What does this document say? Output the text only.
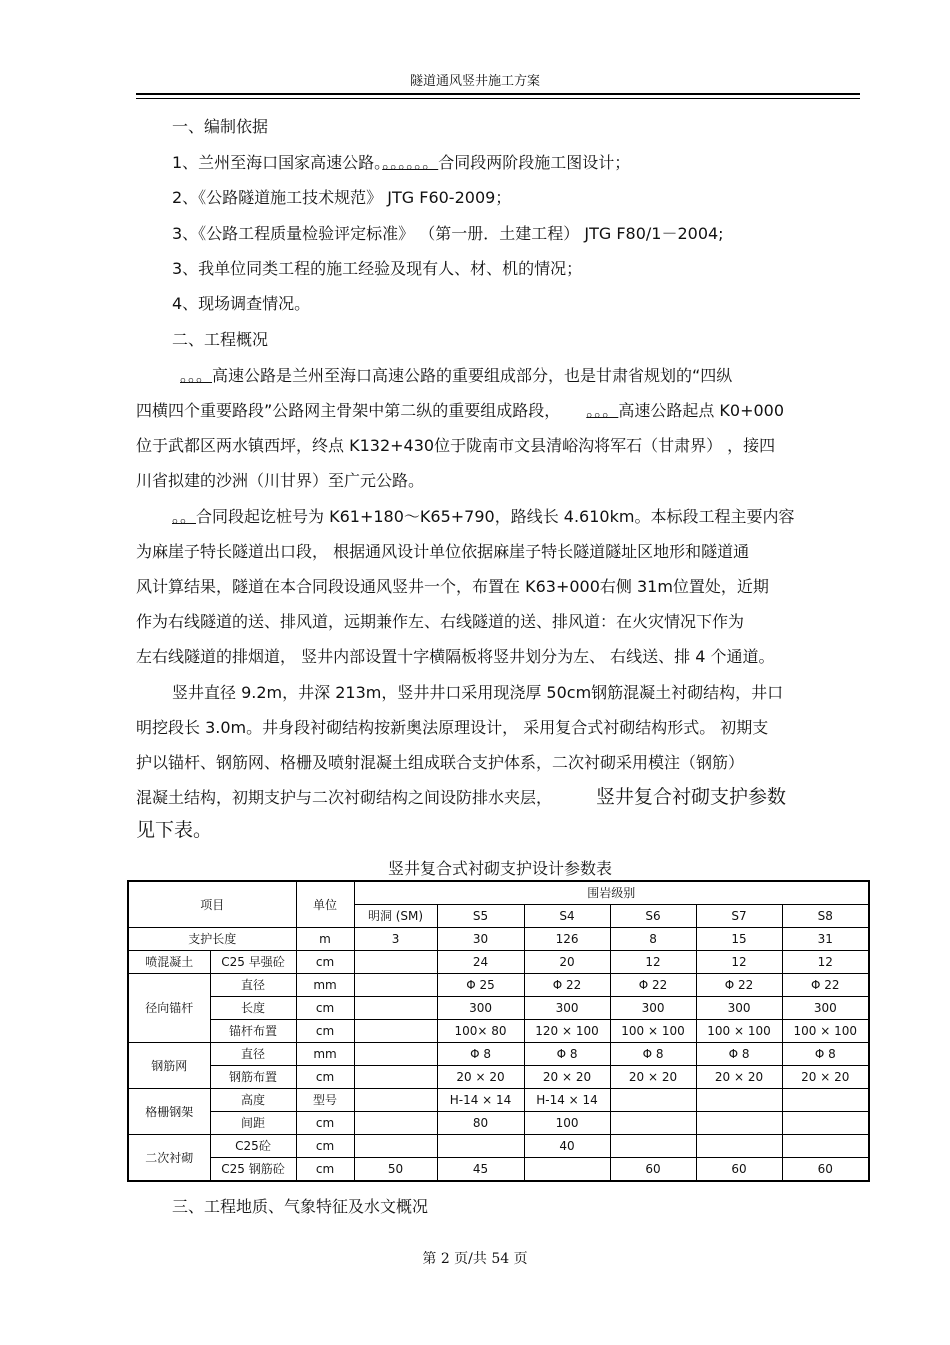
隧道通风竖井施工方案
一、编制依据
1、兰州至海口国家高速公路。。。。。。。合同段两阶段施工图设计；
2、《公路隧道施工技术规范》 JTG F60-2009；
3、《公路工程质量检验评定标准》 （第一册．土建工程） JTG F80/1－2004;
3、我单位同类工程的施工经验及现有人、材、机的情况；
4、现场调查情况。
二、工程概况
。。。高速公路是兰州至海口高速公路的重要组成部分，也是甘肃省规划的“四纵
四横四个重要路段”公路网主骨架中第二纵的重要组成路段， 。。。高速公路起点 K0+000
位于武都区两水镇西坪，终点 K132+430位于陇南市文县清峪沟将军石（甘肃界） ，接四
川省拟建的沙洲（川甘界）至广元公路。
。。合同段起讫桩号为 K61+180～K65+790，路线长 4.610km。本标段工程主要内容
为麻崖子特长隧道出口段， 根据通风设计单位依据麻崖子特长隧道隧址区地形和隧道通
风计算结果，隧道在本合同段设通风竖井一个，布置在 K63+000右侧 31m位置处，近期
作为右线隧道的送、排风道，远期兼作左、右线隧道的送、排风道：在火灾情况下作为
左右线隧道的排烟道， 竖井内部设置十字横隔板将竖井划分为左、 右线送、排 4 个通道。
竖井直径 9.2m，井深 213m，竖井井口采用现浇厚 50cm钢筋混凝土衬砌结构，井口
明挖段长 3.0m。井身段衬砌结构按新奥法原理设计， 采用复合式衬砌结构形式。 初期支
护以锚杆、钢筋网、格栅及喷射混凝土组成联合支护体系，二次衬砌采用模注（钢筋）
混凝土结构，初期支护与二次衬砌结构之间设防排水夹层， 竖井复合衬砌支护参数
见下表。
竖井复合式衬砌支护设计参数表
项目		单位	围岩级别					
			明洞 (SM)	S5	S4	S6	S7	S8
支护长度		m	3	30	126	8	15	31
喷混凝土	C25 早强砼	cm		24	20	12	12	12
径向锚杆	直径	mm		Φ 25	Φ 22	Φ 22	Φ 22	Φ 22
	长度	cm		300	300	300	300	300
	锚杆布置	cm		100× 80	120 × 100	100 × 100	100 × 100	100 × 100
钢筋网	直径	mm		Φ 8	Φ 8	Φ 8	Φ 8	Φ 8
	钢筋布置	cm		20 × 20	20 × 20	20 × 20	20 × 20	20 × 20
格栅钢架	高度	型号		H-14 × 14	H-14 × 14			
	间距	cm		80	100			
二次衬砌	C25砼	cm			40			
	C25 钢筋砼	cm	50	45		60	60	60
三、工程地质、气象特征及水文概况
第 2 页/共 54 页
